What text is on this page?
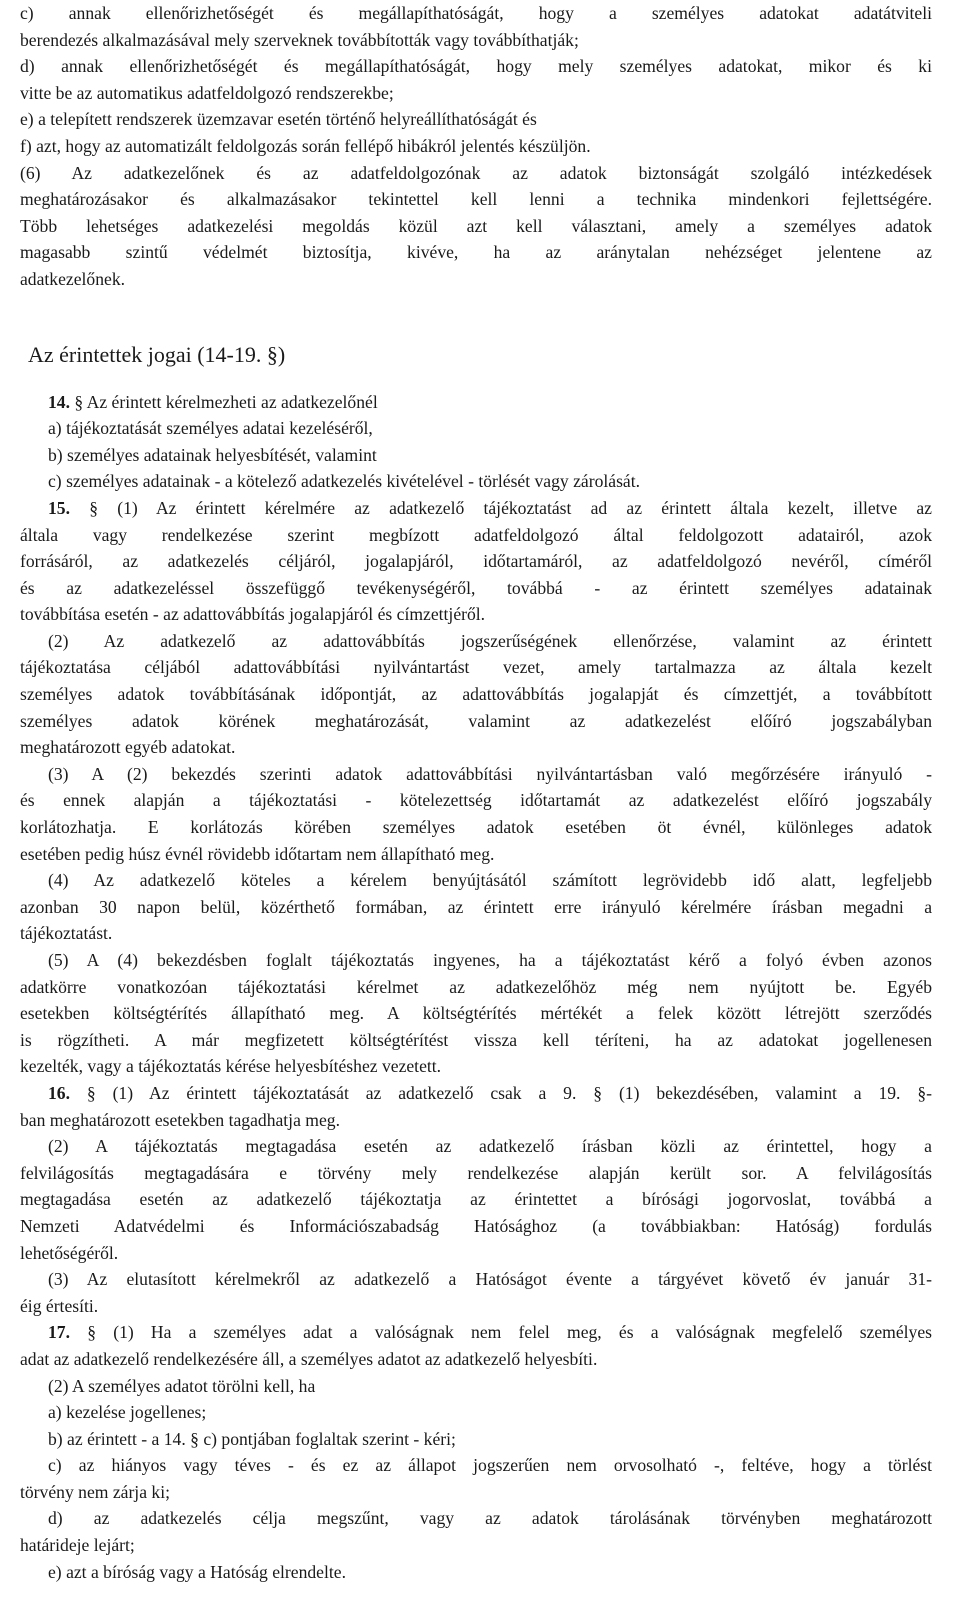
c) annak ellenőrizhetőségét és megállapíthatóságát, hogy a személyes adatokat adatátviteli
berendezés alkalmazásával mely szerveknek továbbították vagy továbbíthatják;
d) annak ellenőrizhetőségét és megállapíthatóságát, hogy mely személyes adatokat, mikor és ki
vitte be az automatikus adatfeldolgozó rendszerekbe;
e) a telepített rendszerek üzemzavar esetén történő helyreállíthatóságát és
f) azt, hogy az automatizált feldolgozás során fellépő hibákról jelentés készüljön.
(6) Az adatkezelőnek és az adatfeldolgozónak az adatok biztonságát szolgáló intézkedések
meghatározásakor és alkalmazásakor tekintettel kell lenni a technika mindenkori fejlettségére.
Több lehetséges adatkezelési megoldás közül azt kell választani, amely a személyes adatok
magasabb szintű védelmét biztosítja, kivéve, ha az aránytalan nehézséget jelentene az
adatkezelőnek.
Az érintettek jogai (14-19. §)
14. § Az érintett kérelmezheti az adatkezelőnél
a) tájékoztatását személyes adatai kezeléséről,
b) személyes adatainak helyesbítését, valamint
c) személyes adatainak - a kötelező adatkezelés kivételével - törlését vagy zárolását.
15. § (1) Az érintett kérelmére az adatkezelő tájékoztatást ad az érintett általa kezelt, illetve az
általa vagy rendelkezése szerint megbízott adatfeldolgozó által feldolgozott adatairól, azok
forrásáról, az adatkezelés céljáról, jogalapjáról, időtartamáról, az adatfeldolgozó nevéről, címéről
és az adatkezeléssel összefüggő tevékenységéről, továbbá - az érintett személyes adatainak
továbbítása esetén - az adattovábbítás jogalapjáról és címzettjéről.
(2) Az adatkezelő az adattovábbítás jogszerűségének ellenőrzése, valamint az érintett
tájékoztatása céljából adattovábbítási nyilvántartást vezet, amely tartalmazza az általa kezelt
személyes adatok továbbításának időpontját, az adattovábbítás jogalapját és címzettjét, a továbbított
személyes adatok körének meghatározását, valamint az adatkezelést előíró jogszabályban
meghatározott egyéb adatokat.
(3) A (2) bekezdés szerinti adatok adattovábbítási nyilvántartásban való megőrzésére irányuló -
és ennek alapján a tájékoztatási - kötelezettség időtartamát az adatkezelést előíró jogszabály
korlátozhatja. E korlátozás körében személyes adatok esetében öt évnél, különleges adatok
esetében pedig húsz évnél rövidebb időtartam nem állapítható meg.
(4) Az adatkezelő köteles a kérelem benyújtásától számított legrövidebb idő alatt, legfeljebb
azonban 30 napon belül, közérthető formában, az érintett erre irányuló kérelmére írásban megadni a
tájékoztatást.
(5) A (4) bekezdésben foglalt tájékoztatás ingyenes, ha a tájékoztatást kérő a folyó évben azonos
adatkörre vonatkozóan tájékoztatási kérelmet az adatkezelőhöz még nem nyújtott be. Egyéb
esetekben költségtérítés állapítható meg. A költségtérítés mértékét a felek között létrejött szerződés
is rögzítheti. A már megfizetett költségtérítést vissza kell téríteni, ha az adatokat jogellenesen
kezelték, vagy a tájékoztatás kérése helyesbítéshez vezetett.
16. § (1) Az érintett tájékoztatását az adatkezelő csak a 9. § (1) bekezdésében, valamint a 19. §-
ban meghatározott esetekben tagadhatja meg.
(2) A tájékoztatás megtagadása esetén az adatkezelő írásban közli az érintettel, hogy a
felvilágosítás megtagadására e törvény mely rendelkezése alapján került sor. A felvilágosítás
megtagadása esetén az adatkezelő tájékoztatja az érintettet a bírósági jogorvoslat, továbbá a
Nemzeti Adatvédelmi és Információszabadság Hatósághoz (a továbbiakban: Hatóság) fordulás
lehetőségéről.
(3) Az elutasított kérelmekről az adatkezelő a Hatóságot évente a tárgyévet követő év január 31-
éig értesíti.
17. § (1) Ha a személyes adat a valóságnak nem felel meg, és a valóságnak megfelelő személyes
adat az adatkezelő rendelkezésére áll, a személyes adatot az adatkezelő helyesbíti.
(2) A személyes adatot törölni kell, ha
a) kezelése jogellenes;
b) az érintett - a 14. § c) pontjában foglaltak szerint - kéri;
c) az hiányos vagy téves - és ez az állapot jogszerűen nem orvosolható -, feltéve, hogy a törlést
törvény nem zárja ki;
d) az adatkezelés célja megszűnt, vagy az adatok tárolásának törvényben meghatározott
határideje lejárt;
e) azt a bíróság vagy a Hatóság elrendelte.
